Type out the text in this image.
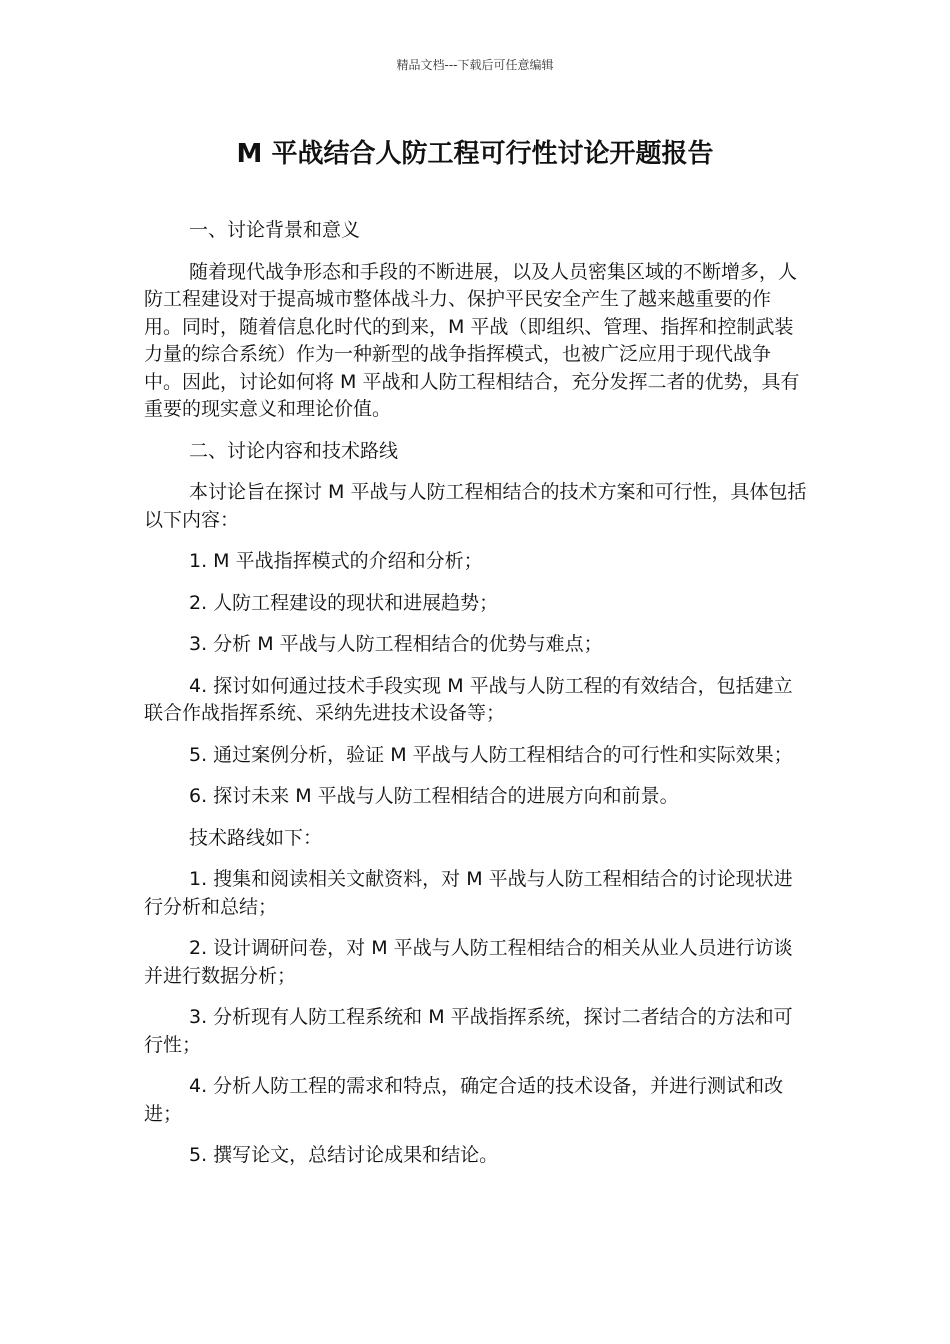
精品文档---下载后可任意编辑
M 平战结合人防工程可行性讨论开题报告

一、讨论背景和意义

随着现代战争形态和手段的不断进展，以及人员密集区域的不断增多，人防工程建设对于提高城市整体战斗力、保护平民安全产生了越来越重要的作用。同时，随着信息化时代的到来，M 平战（即组织、管理、指挥和控制武装力量的综合系统）作为一种新型的战争指挥模式，也被广泛应用于现代战争中。因此，讨论如何将 M 平战和人防工程相结合，充分发挥二者的优势，具有重要的现实意义和理论价值。

二、讨论内容和技术路线

本讨论旨在探讨 M 平战与人防工程相结合的技术方案和可行性，具体包括以下内容：

1. M 平战指挥模式的介绍和分析；

2. 人防工程建设的现状和进展趋势；

3. 分析 M 平战与人防工程相结合的优势与难点；

4. 探讨如何通过技术手段实现 M 平战与人防工程的有效结合，包括建立联合作战指挥系统、采纳先进技术设备等；

5. 通过案例分析，验证 M 平战与人防工程相结合的可行性和实际效果；

6. 探讨未来 M 平战与人防工程相结合的进展方向和前景。

技术路线如下：

1. 搜集和阅读相关文献资料，对 M 平战与人防工程相结合的讨论现状进行分析和总结；

2. 设计调研问卷，对 M 平战与人防工程相结合的相关从业人员进行访谈并进行数据分析；

3. 分析现有人防工程系统和 M 平战指挥系统，探讨二者结合的方法和可行性；

4. 分析人防工程的需求和特点，确定合适的技术设备，并进行测试和改进；

5. 撰写论文，总结讨论成果和结论。
